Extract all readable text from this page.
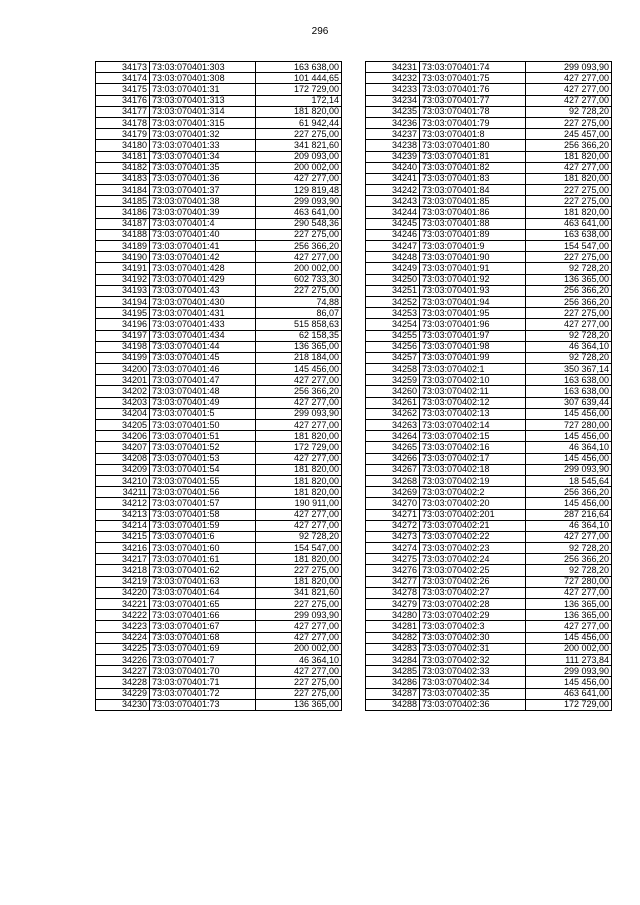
296
34173	73:03:070401:303	163 638,00
34174	73:03:070401:308	101 444,65
34175	73:03:070401:31	172 729,00
34176	73:03:070401:313	172,14
34177	73:03:070401:314	181 820,00
34178	73:03:070401:315	61 942,44
34179	73:03:070401:32	227 275,00
34180	73:03:070401:33	341 821,60
34181	73:03:070401:34	209 093,00
34182	73:03:070401:35	200 002,00
34183	73:03:070401:36	427 277,00
34184	73:03:070401:37	129 819,48
34185	73:03:070401:38	299 093,90
34186	73:03:070401:39	463 641,00
34187	73:03:070401:4	290 548,36
34188	73:03:070401:40	227 275,00
34189	73:03:070401:41	256 366,20
34190	73:03:070401:42	427 277,00
34191	73:03:070401:428	200 002,00
34192	73:03:070401:429	602 733,30
34193	73:03:070401:43	227 275,00
34194	73:03:070401:430	74,88
34195	73:03:070401:431	86,07
34196	73:03:070401:433	515 858,63
34197	73:03:070401:434	62 158,35
34198	73:03:070401:44	136 365,00
34199	73:03:070401:45	218 184,00
34200	73:03:070401:46	145 456,00
34201	73:03:070401:47	427 277,00
34202	73:03:070401:48	256 366,20
34203	73:03:070401:49	427 277,00
34204	73:03:070401:5	299 093,90
34205	73:03:070401:50	427 277,00
34206	73:03:070401:51	181 820,00
34207	73:03:070401:52	172 729,00
34208	73:03:070401:53	427 277,00
34209	73:03:070401:54	181 820,00
34210	73:03:070401:55	181 820,00
34211	73:03:070401:56	181 820,00
34212	73:03:070401:57	190 911,00
34213	73:03:070401:58	427 277,00
34214	73:03:070401:59	427 277,00
34215	73:03:070401:6	92 728,20
34216	73:03:070401:60	154 547,00
34217	73:03:070401:61	181 820,00
34218	73:03:070401:62	227 275,00
34219	73:03:070401:63	181 820,00
34220	73:03:070401:64	341 821,60
34221	73:03:070401:65	227 275,00
34222	73:03:070401:66	299 093,90
34223	73:03:070401:67	427 277,00
34224	73:03:070401:68	427 277,00
34225	73:03:070401:69	200 002,00
34226	73:03:070401:7	46 364,10
34227	73:03:070401:70	427 277,00
34228	73:03:070401:71	227 275,00
34229	73:03:070401:72	227 275,00
34230	73:03:070401:73	136 365,00
34231	73:03:070401:74	299 093,90
34232	73:03:070401:75	427 277,00
34233	73:03:070401:76	427 277,00
34234	73:03:070401:77	427 277,00
34235	73:03:070401:78	92 728,20
34236	73:03:070401:79	227 275,00
34237	73:03:070401:8	245 457,00
34238	73:03:070401:80	256 366,20
34239	73:03:070401:81	181 820,00
34240	73:03:070401:82	427 277,00
34241	73:03:070401:83	181 820,00
34242	73:03:070401:84	227 275,00
34243	73:03:070401:85	227 275,00
34244	73:03:070401:86	181 820,00
34245	73:03:070401:88	463 641,00
34246	73:03:070401:89	163 638,00
34247	73:03:070401:9	154 547,00
34248	73:03:070401:90	227 275,00
34249	73:03:070401:91	92 728,20
34250	73:03:070401:92	136 365,00
34251	73:03:070401:93	256 366,20
34252	73:03:070401:94	256 366,20
34253	73:03:070401:95	227 275,00
34254	73:03:070401:96	427 277,00
34255	73:03:070401:97	92 728,20
34256	73:03:070401:98	46 364,10
34257	73:03:070401:99	92 728,20
34258	73:03:070402:1	350 367,14
34259	73:03:070402:10	163 638,00
34260	73:03:070402:11	163 638,00
34261	73:03:070402:12	307 639,44
34262	73:03:070402:13	145 456,00
34263	73:03:070402:14	727 280,00
34264	73:03:070402:15	145 456,00
34265	73:03:070402:16	46 364,10
34266	73:03:070402:17	145 456,00
34267	73:03:070402:18	299 093,90
34268	73:03:070402:19	18 545,64
34269	73:03:070402:2	256 366,20
34270	73:03:070402:20	145 456,00
34271	73:03:070402:201	287 216,64
34272	73:03:070402:21	46 364,10
34273	73:03:070402:22	427 277,00
34274	73:03:070402:23	92 728,20
34275	73:03:070402:24	256 366,20
34276	73:03:070402:25	92 728,20
34277	73:03:070402:26	727 280,00
34278	73:03:070402:27	427 277,00
34279	73:03:070402:28	136 365,00
34280	73:03:070402:29	136 365,00
34281	73:03:070402:3	427 277,00
34282	73:03:070402:30	145 456,00
34283	73:03:070402:31	200 002,00
34284	73:03:070402:32	111 273,84
34285	73:03:070402:33	299 093,90
34286	73:03:070402:34	145 456,00
34287	73:03:070402:35	463 641,00
34288	73:03:070402:36	172 729,00
